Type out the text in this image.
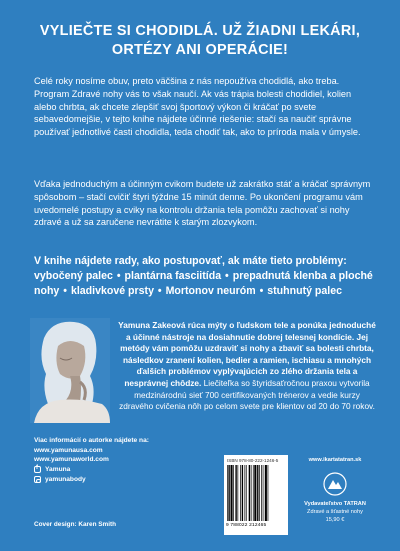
VYLIEČTE SI CHODIDLÁ. UŽ ŽIADNI LEKÁRI, ORTÉZY ANI OPERÁCIE!

Celé roky nosíme obuv, preto väčšina z nás nepoužíva chodidlá, ako treba. Program Zdravé nohy vás to však naučí. Ak vás trápia bolesti chodidiel, kolien alebo chrbta, ak chcete zlepšiť svoj športový výkon či kráčať po svete sebavedomejšie, v tejto knihe nájdete účinné riešenie: stačí sa naučiť správne používať jednotlivé časti chodidla, teda chodiť tak, ako to príroda mala v úmysle.

Vďaka jednoduchým a účinným cvikom budete už zakrátko stáť a kráčať správnym spôsobom – stačí cvičiť štyri týždne 15 minút denne. Po ukončení programu vám uvedomelé postupy a cviky na kontrolu držania tela pomôžu zachovať si nohy zdravé a už sa zaručene nevrátite k starým zlozvykom.

V knihe nájdete rady, ako postupovať, ak máte tieto problémy: vybočený palec • plantárna fasciitída • prepadnutá klenba a ploché nohy • kladivkové prsty • Mortonov neuróm • stuhnutý palec
Yamuna Zakeová rúca mýty o ľudskom tele a ponúka jednoduché a účinné nástroje na dosiahnutie dobrej telesnej kondície. Jej metódy vám pomôžu uzdraviť si nohy a zbaviť sa bolesti chrbta, následkov zranení kolien, bedier a ramien, ischiasu a mnohých ďalších problémov vyplývajúcich zo zlého držania tela a nesprávnej chôdze. Liečiteľka so štyridsaťročnou praxou vytvorila medzinárodnú sieť 700 certifikovaných trénerov a vedie kurzy zdravého cvičenia nôh po celom svete pre klientov od 20 do 70 rokov.
Viac informácií o autorke nájdete na:
www.yamunausa.com
www.yamunaworld.com
f
Yamuna
yamunabody
Cover design: Karen Smith
ISBN 978-80-222-1246-5
9 788022 212465
www.ikartatatran.sk
Vydavateľstvo TATRAN
Zdravé a šťastné nohy
15,90 €
